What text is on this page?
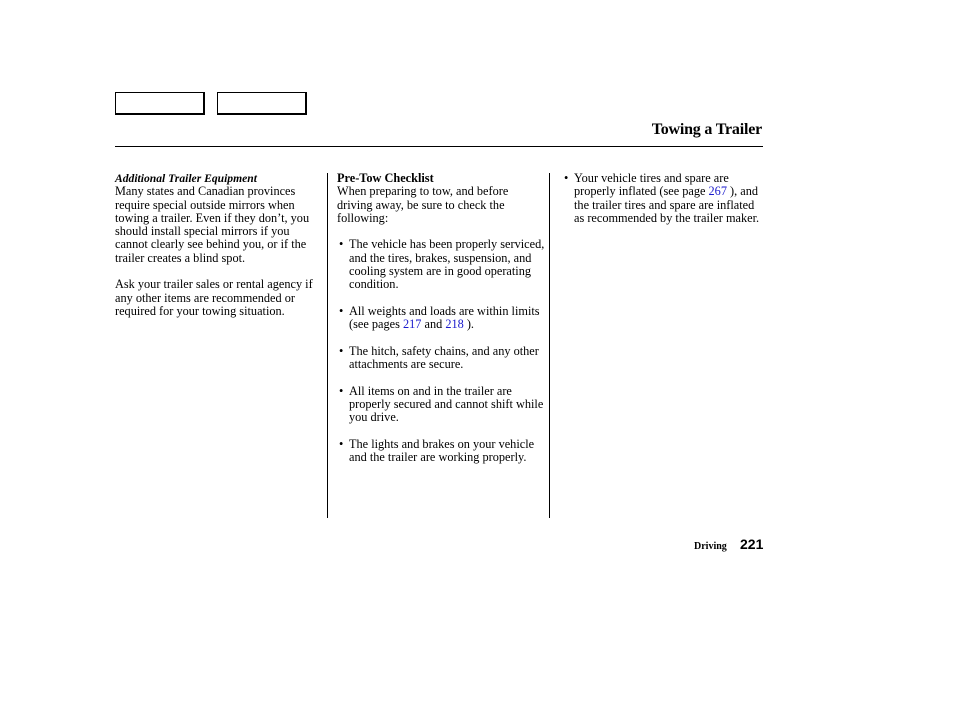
Towing a Trailer

Additional Trailer Equipment

Many states and Canadian provinces require special outside mirrors when towing a trailer. Even if they don’t, you should install special mirrors if you cannot clearly see behind you, or if the trailer creates a blind spot.

Ask your trailer sales or rental agency if any other items are recommended or required for your towing situation.

Pre-Tow Checklist

When preparing to tow, and before driving away, be sure to check the following:

• The vehicle has been properly serviced, and the tires, brakes, suspension, and cooling system are in good operating condition.
• All weights and loads are within limits (see pages 217 and 218 ).
• The hitch, safety chains, and any other attachments are secure.
• All items on and in the trailer are properly secured and cannot shift while you drive.
• The lights and brakes on your vehicle and the trailer are working properly.
• Your vehicle tires and spare are properly inflated (see page 267 ), and the trailer tires and spare are inflated as recommended by the trailer maker.
Driving 221
